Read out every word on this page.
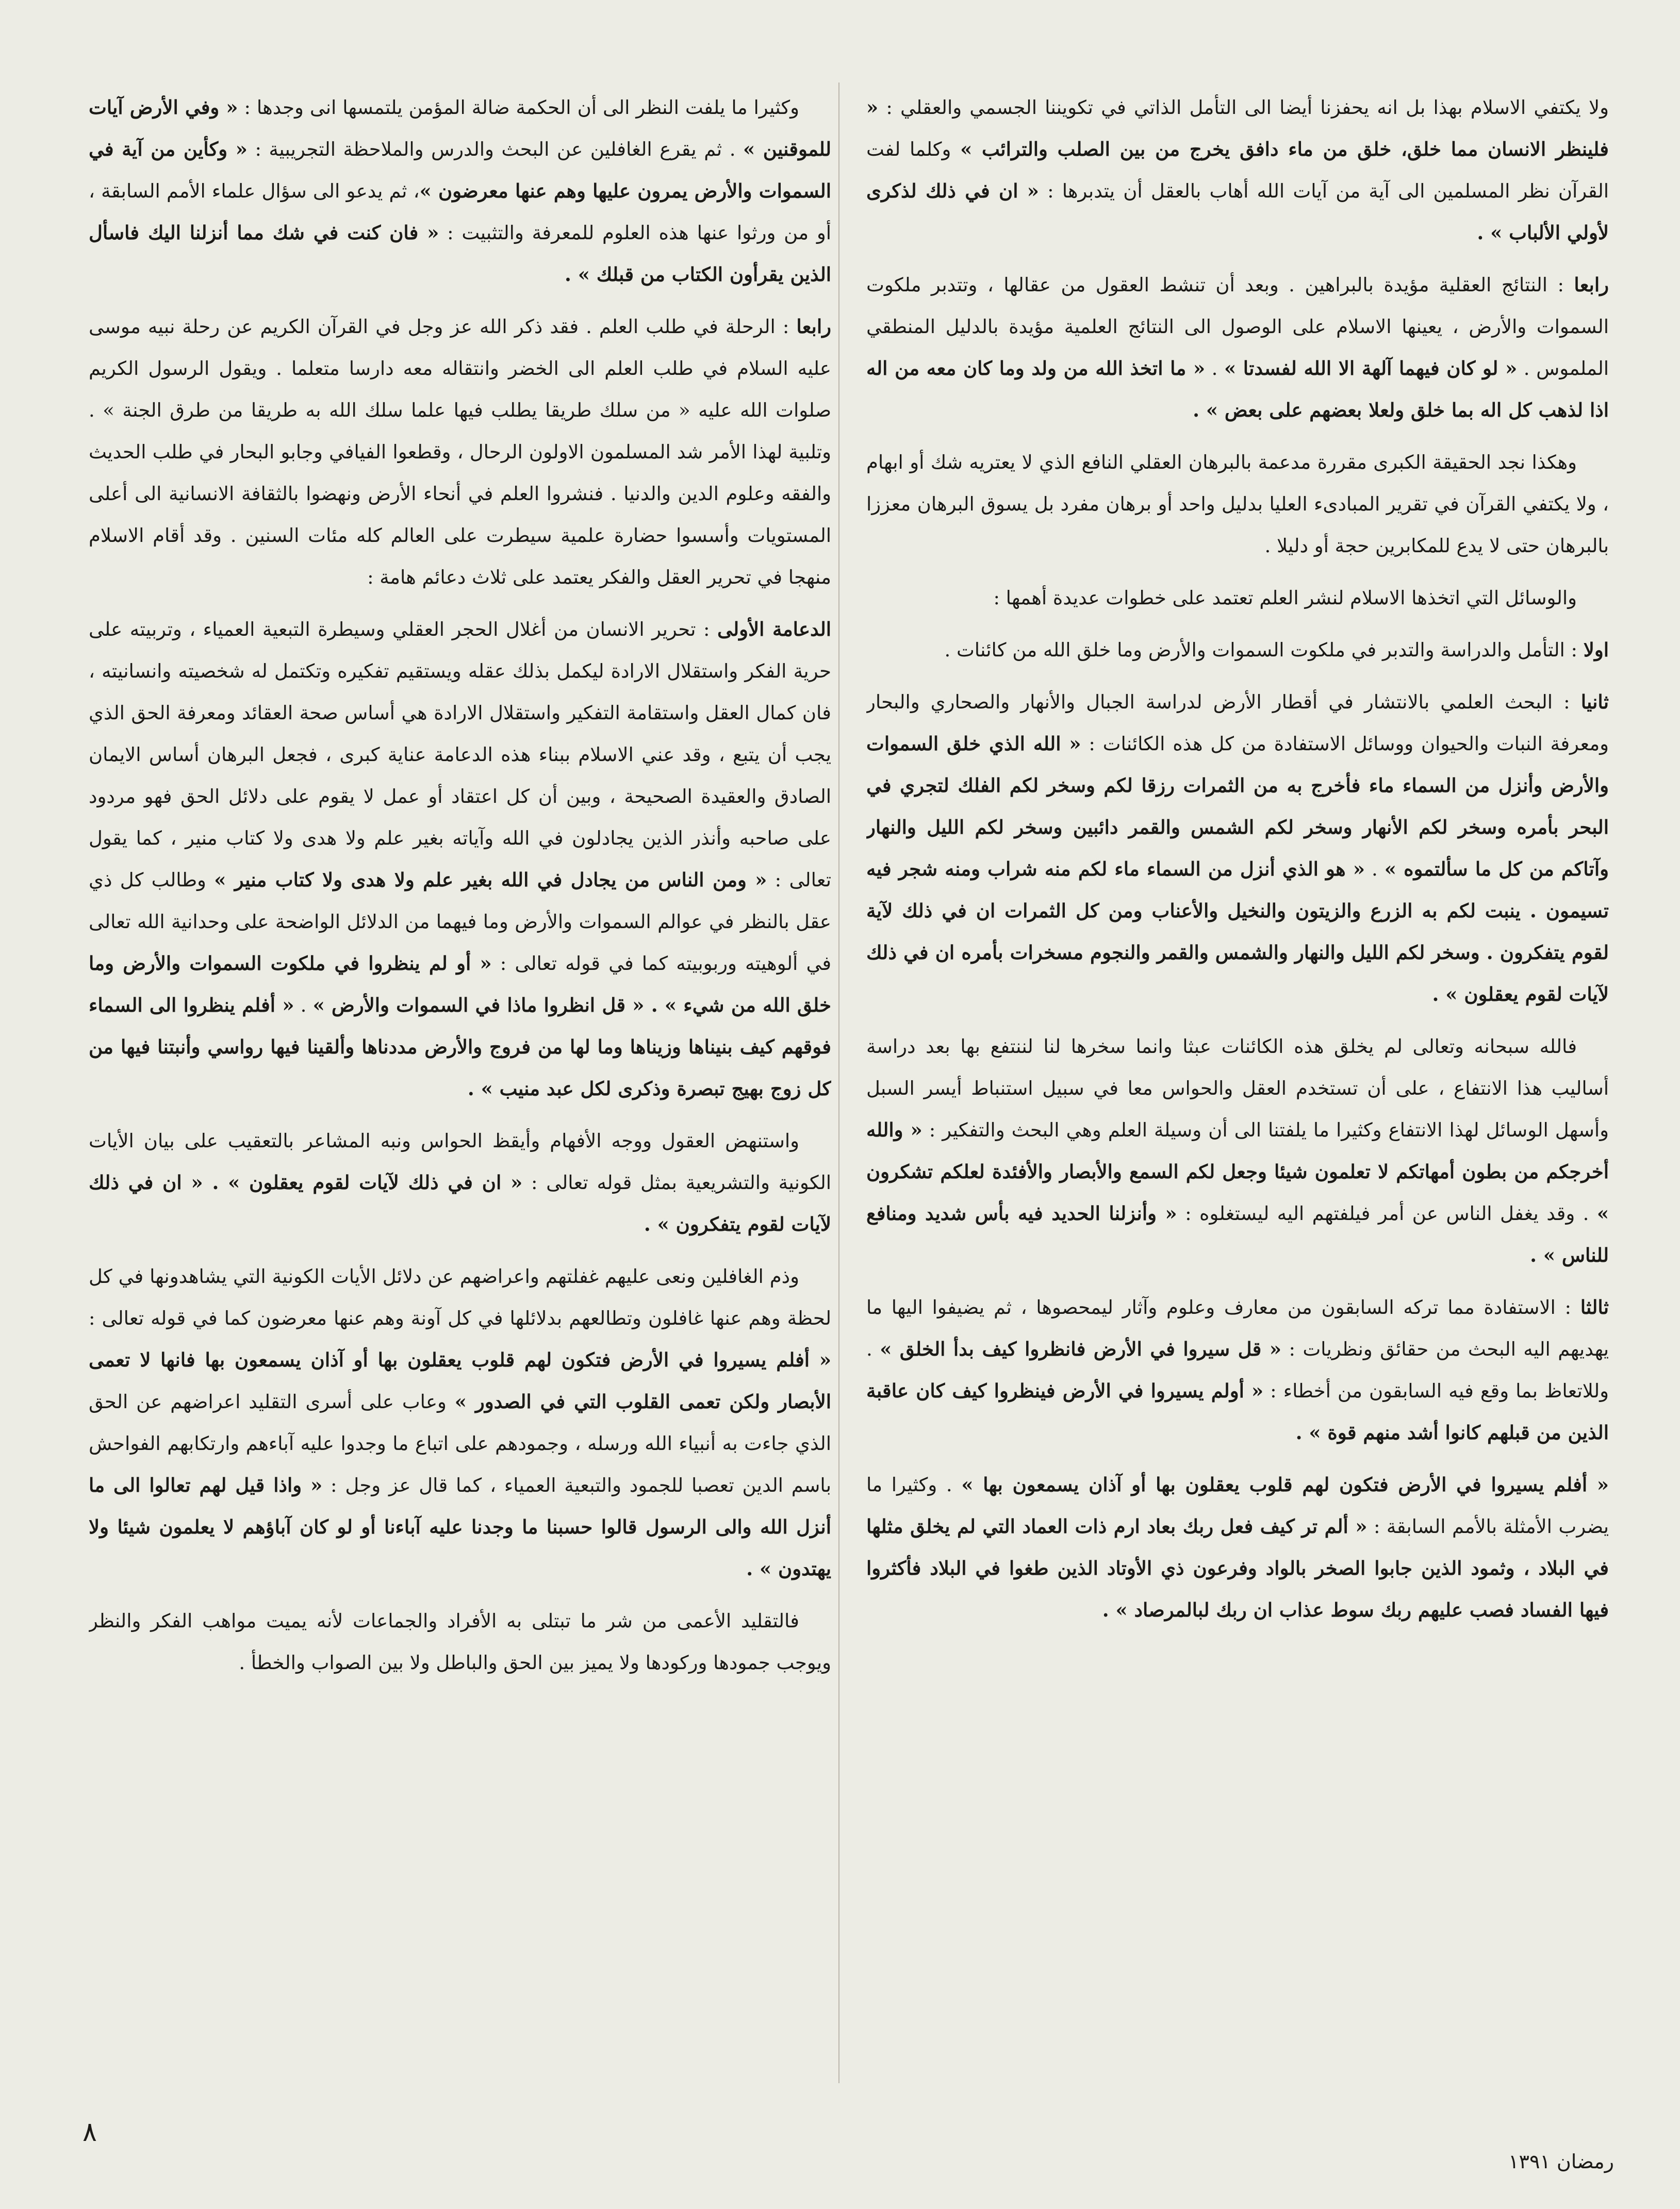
ولا يكتفي الاسلام بهذا بل انه يحفزنا أيضا الى التأمل الذاتي في تكويننا الجسمي والعقلي : « فلينظر الانسان مما خلق، خلق من ماء دافق يخرج من بين الصلب والترائب » وكلما لفت القرآن نظر المسلمين الى آية من آيات الله أهاب بالعقل أن يتدبرها : « ان في ذلك لذكرى لأولي الألباب » .

رابعا : النتائج العقلية مؤيدة بالبراهين . وبعد أن تنشط العقول من عقالها ، وتتدبر ملكوت السموات والأرض ، يعينها الاسلام على الوصول الى النتائج العلمية مؤيدة بالدليل المنطقي الملموس . « لو كان فيهما آلهة الا الله لفسدتا » . « ما اتخذ الله من ولد وما كان معه من اله اذا لذهب كل اله بما خلق ولعلا بعضهم على بعض » .

وهكذا نجد الحقيقة الكبرى مقررة مدعمة بالبرهان العقلي النافع الذي لا يعتريه شك أو ابهام ، ولا يكتفي القرآن في تقرير المبادىء العليا بدليل واحد أو برهان مفرد بل يسوق البرهان معززا بالبرهان حتى لا يدع للمكابرين حجة أو دليلا .

والوسائل التي اتخذها الاسلام لنشر العلم تعتمد على خطوات عديدة أهمها :

اولا : التأمل والدراسة والتدبر في ملكوت السموات والأرض وما خلق الله من كائنات .

ثانيا : البحث العلمي بالانتشار في أقطار الأرض لدراسة الجبال والأنهار والصحاري والبحار ومعرفة النبات والحيوان ووسائل الاستفادة من كل هذه الكائنات : « الله الذي خلق السموات والأرض وأنزل من السماء ماء فأخرج به من الثمرات رزقا لكم وسخر لكم الفلك لتجري في البحر بأمره وسخر لكم الأنهار وسخر لكم الشمس والقمر دائبين وسخر لكم الليل والنهار وآتاكم من كل ما سألتموه » . « هو الذي أنزل من السماء ماء لكم منه شراب ومنه شجر فيه تسيمون . ينبت لكم به الزرع والزيتون والنخيل والأعناب ومن كل الثمرات ان في ذلك لآية لقوم يتفكرون . وسخر لكم الليل والنهار والشمس والقمر والنجوم مسخرات بأمره ان في ذلك لآيات لقوم يعقلون » .

فالله سبحانه وتعالى لم يخلق هذه الكائنات عبثا وانما سخرها لنا لننتفع بها بعد دراسة أساليب هذا الانتفاع ، على أن تستخدم العقل والحواس معا في سبيل استنباط أيسر السبل وأسهل الوسائل لهذا الانتفاع وكثيرا ما يلفتنا الى أن وسيلة العلم وهي البحث والتفكير : « والله أخرجكم من بطون أمهاتكم لا تعلمون شيئا وجعل لكم السمع والأبصار والأفئدة لعلكم تشكرون » . وقد يغفل الناس عن أمر فيلفتهم اليه ليستغلوه : « وأنزلنا الحديد فيه بأس شديد ومنافع للناس » .

ثالثا : الاستفادة مما تركه السابقون من معارف وعلوم وآثار ليمحصوها ، ثم يضيفوا اليها ما يهديهم اليه البحث من حقائق ونظريات : « قل سيروا في الأرض فانظروا كيف بدأ الخلق » . وللاتعاظ بما وقع فيه السابقون من أخطاء : « أولم يسيروا في الأرض فينظروا كيف كان عاقبة الذين من قبلهم كانوا أشد منهم قوة » .

« أفلم يسيروا في الأرض فتكون لهم قلوب يعقلون بها أو آذان يسمعون بها » . وكثيرا ما يضرب الأمثلة بالأمم السابقة : « ألم تر كيف فعل ربك بعاد ارم ذات العماد التي لم يخلق مثلها في البلاد ، وثمود الذين جابوا الصخر بالواد وفرعون ذي الأوتاد الذين طغوا في البلاد فأكثروا فيها الفساد فصب عليهم ربك سوط عذاب ان ربك لبالمرصاد » .

وكثيرا ما يلفت النظر الى أن الحكمة ضالة المؤمن يلتمسها انى وجدها : « وفي الأرض آيات للموقنين » . ثم يقرع الغافلين عن البحث والدرس والملاحظة التجريبية : « وكأين من آية في السموات والأرض يمرون عليها وهم عنها معرضون »، ثم يدعو الى سؤال علماء الأمم السابقة ، أو من ورثوا عنها هذه العلوم للمعرفة والتثبيت : « فان كنت في شك مما أنزلنا اليك فاسأل الذين يقرأون الكتاب من قبلك » .

رابعا : الرحلة في طلب العلم . فقد ذكر الله عز وجل في القرآن الكريم عن رحلة نبيه موسى عليه السلام في طلب العلم الى الخضر وانتقاله معه دارسا متعلما . ويقول الرسول الكريم صلوات الله عليه « من سلك طريقا يطلب فيها علما سلك الله به طريقا من طرق الجنة » . وتلبية لهذا الأمر شد المسلمون الاولون الرحال ، وقطعوا الفيافي وجابو البحار في طلب الحديث والفقه وعلوم الدين والدنيا . فنشروا العلم في أنحاء الأرض ونهضوا بالثقافة الانسانية الى أعلى المستويات وأسسوا حضارة علمية سيطرت على العالم كله مئات السنين . وقد أقام الاسلام منهجا في تحرير العقل والفكر يعتمد على ثلاث دعائم هامة :

الدعامة الأولى : تحرير الانسان من أغلال الحجر العقلي وسيطرة التبعية العمياء ، وتربيته على حرية الفكر واستقلال الارادة ليكمل بذلك عقله ويستقيم تفكيره وتكتمل له شخصيته وانسانيته ، فان كمال العقل واستقامة التفكير واستقلال الارادة هي أساس صحة العقائد ومعرفة الحق الذي يجب أن يتبع ، وقد عني الاسلام ببناء هذه الدعامة عناية كبرى ، فجعل البرهان أساس الايمان الصادق والعقيدة الصحيحة ، وبين أن كل اعتقاد أو عمل لا يقوم على دلائل الحق فهو مردود على صاحبه وأنذر الذين يجادلون في الله وآياته بغير علم ولا هدى ولا كتاب منير ، كما يقول تعالى : « ومن الناس من يجادل في الله بغير علم ولا هدى ولا كتاب منير » وطالب كل ذي عقل بالنظر في عوالم السموات والأرض وما فيهما من الدلائل الواضحة على وحدانية الله تعالى في ألوهيته وربوبيته كما في قوله تعالى : « أو لم ينظروا في ملكوت السموات والأرض وما خلق الله من شيء » . « قل انظروا ماذا في السموات والأرض » . « أفلم ينظروا الى السماء فوقهم كيف بنيناها وزيناها وما لها من فروج والأرض مددناها وألقينا فيها رواسي وأنبتنا فيها من كل زوج بهيج تبصرة وذكرى لكل عبد منيب » .

واستنهض العقول ووجه الأفهام وأيقظ الحواس ونبه المشاعر بالتعقيب على بيان الأيات الكونية والتشريعية بمثل قوله تعالى : « ان في ذلك لآيات لقوم يعقلون » . « ان في ذلك لآيات لقوم يتفكرون » .

وذم الغافلين ونعى عليهم غفلتهم واعراضهم عن دلائل الأيات الكونية التي يشاهدونها في كل لحظة وهم عنها غافلون وتطالعهم بدلائلها في كل آونة وهم عنها معرضون كما في قوله تعالى : « أفلم يسيروا في الأرض فتكون لهم قلوب يعقلون بها أو آذان يسمعون بها فانها لا تعمى الأبصار ولكن تعمى القلوب التي في الصدور » وعاب على أسرى التقليد اعراضهم عن الحق الذي جاءت به أنبياء الله ورسله ، وجمودهم على اتباع ما وجدوا عليه آباءهم وارتكابهم الفواحش باسم الدين تعصبا للجمود والتبعية العمياء ، كما قال عز وجل : « واذا قيل لهم تعالوا الى ما أنزل الله والى الرسول قالوا حسبنا ما وجدنا عليه آباءنا أو لو كان آباؤهم لا يعلمون شيئا ولا يهتدون » .

فالتقليد الأعمى من شر ما تبتلى به الأفراد والجماعات لأنه يميت مواهب الفكر والنظر ويوجب جمودها وركودها ولا يميز بين الحق والباطل ولا بين الصواب والخطأ .

٨
رمضان ١٣٩١
